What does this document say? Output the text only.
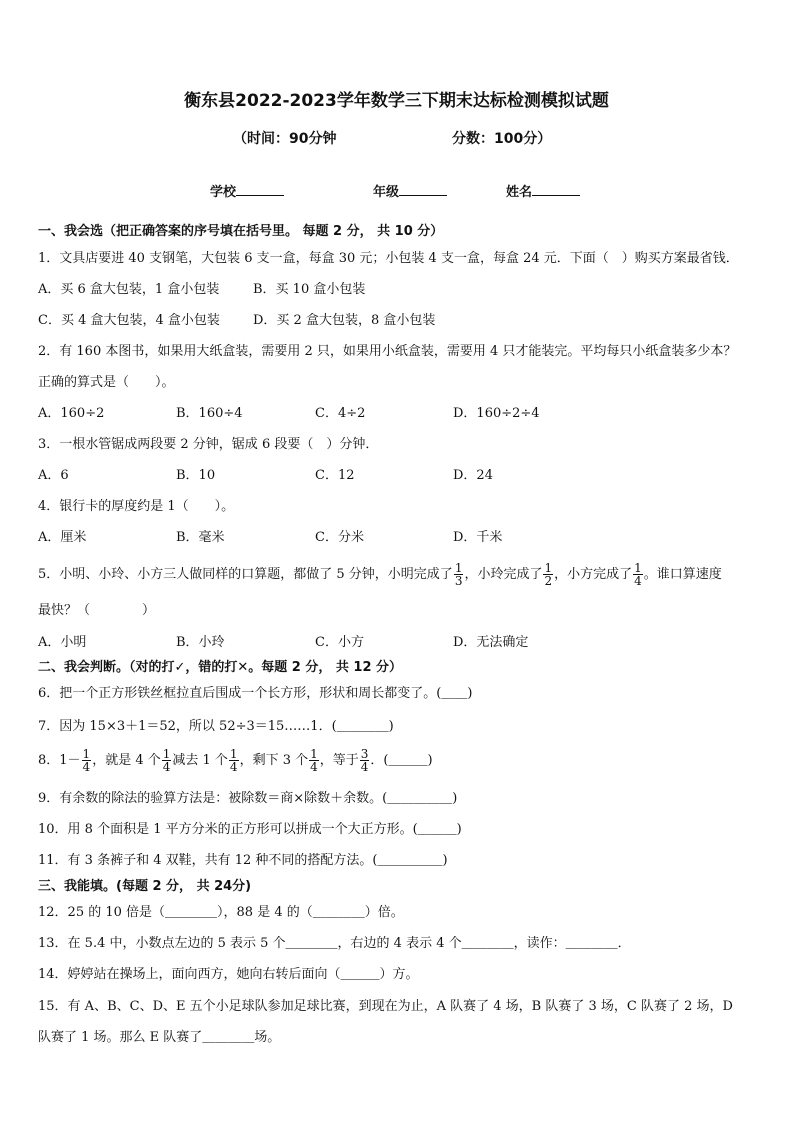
衡东县2022-2023学年数学三下期末达标检测模拟试题
（时间：90分钟	分数：100分）
学校	年级	姓名
一、我会选（把正确答案的序号填在括号里。 每题 2 分， 共 10 分）
1．文具店要进 40 支钢笔，大包装 6 支一盒，每盒 30 元；小包装 4 支一盒，每盒 24 元．下面（　）购买方案最省钱．
A．买 6 盒大包装，1 盒小包装	B．买 10 盒小包装
C．买 4 盒大包装，4 盒小包装	D．买 2 盒大包装，8 盒小包装
2．有 160 本图书，如果用大纸盒装，需要用 2 只，如果用小纸盒装，需要用 4 只才能装完。平均每只小纸盒装多少本？
正确的算式是（　　）。
A．160÷2	B．160÷4	C．4÷2	D．160÷2÷4
3．一根水管锯成两段要 2 分钟，锯成 6 段要（　）分钟．
A．6	B．10	C．12	D．24
4．银行卡的厚度约是 1（　　）。
A．厘米	B．毫米	C．分米	D．千米
5．小明、小玲、小方三人做同样的口算题，都做了 5 分钟，小明完成了 $\frac{1}{3}$ ，小玲完成了 $\frac{1}{2}$ ，小方完成了 $\frac{1}{4}$ 。谁口算速度
最快？（　　　　）
A．小明	B．小玲	C．小方	D．无法确定
二、我会判断。（对的打✓，错的打✕。每题 2 分， 共 12 分）
6．把一个正方形铁丝框拉直后围成一个长方形，形状和周长都变了。(＿＿)
7．因为 15×3＋1＝52，所以 52÷3＝15……1．(＿＿＿＿)
8．$1- \frac{1}{4}$ ，就是 4 个 $\frac{1}{4}$ 减去 1 个 $\frac{1}{4}$ ，剩下 3 个 $\frac{1}{4}$ ，等于 $\frac{3}{4}$ ．(＿＿＿)
9．有余数的除法的验算方法是：被除数＝商×除数＋余数。(＿＿＿＿＿)
10．用 8 个面积是 1 平方分米的正方形可以拼成一个大正方形。(＿＿＿)
11．有 3 条裤子和 4 双鞋，共有 12 种不同的搭配方法。(＿＿＿＿＿)
三、我能填。(每题 2 分， 共 24分)
12．25 的 10 倍是（＿＿＿＿），88 是 4 的（＿＿＿＿）倍。
13．在 5.4 中，小数点左边的 5 表示 5 个＿＿＿＿，右边的 4 表示 4 个＿＿＿＿，读作：＿＿＿＿．
14．婷婷站在操场上，面向西方，她向右转后面向（＿＿＿）方。
15．有 A、B、C、D、E 五个小足球队参加足球比赛，到现在为止，A 队赛了 4 场，B 队赛了 3 场，C 队赛了 2 场，D
队赛了 1 场。那么 E 队赛了＿＿＿＿场。
